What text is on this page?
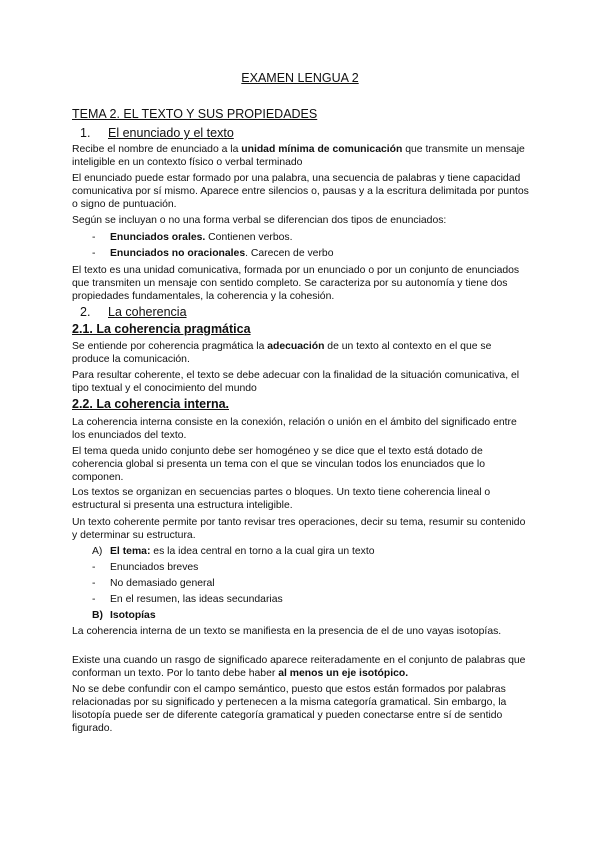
EXAMEN LENGUA 2
TEMA 2. EL TEXTO Y SUS PROPIEDADES
1. El enunciado y el texto

Recibe el nombre de enunciado a la unidad mínima de comunicación que transmite un mensaje inteligible en un contexto físico o verbal terminado

El enunciado puede estar formado por una palabra, una secuencia de palabras y tiene capacidad comunicativa por sí mismo. Aparece entre silencios o, pausas y a la escritura delimitada por puntos o signo de puntuación.

Según se incluyan o no una forma verbal se diferencian dos tipos de enunciados:

- Enunciados orales. Contienen verbos.
- Enunciados no oracionales. Carecen de verbo

El texto es una unidad comunicativa, formada por un enunciado o por un conjunto de enunciados que transmiten un mensaje con sentido completo. Se caracteriza por su autonomía y tiene dos propiedades fundamentales, la coherencia y la cohesión.

2. La coherencia
2.1. La coherencia pragmática

Se entiende por coherencia pragmática la adecuación de un texto al contexto en el que se produce la comunicación.

Para resultar coherente, el texto se debe adecuar con la finalidad de la situación comunicativa, el tipo textual y el conocimiento del mundo

2.2. La coherencia interna.

La coherencia interna consiste en la conexión, relación o unión en el ámbito del significado entre los enunciados del texto.

El tema queda unido conjunto debe ser homogéneo y se dice que el texto está dotado de coherencia global si presenta un tema con el que se vinculan todos los enunciados que lo componen.

Los textos se organizan en secuencias partes o bloques. Un texto tiene coherencia lineal o estructural si presenta una estructura inteligible.

Un texto coherente permite por tanto revisar tres operaciones, decir su tema, resumir su contenido y determinar su estructura.

A) El tema: es la idea central en torno a la cual gira un texto
- Enunciados breves
- No demasiado general
- En el resumen, las ideas secundarias
B) Isotopías

La coherencia interna de un texto se manifiesta en la presencia de el de uno vayas isotopías.

Existe una cuando un rasgo de significado aparece reiteradamente en el conjunto de palabras que conforman un texto. Por lo tanto debe haber al menos un eje isotópico.

No se debe confundir con el campo semántico, puesto que estos están formados por palabras relacionadas por su significado y pertenecen a la misma categoría gramatical. Sin embargo, la lisotopía puede ser de diferente categoría gramatical y pueden conectarse entre sí de sentido figurado.
